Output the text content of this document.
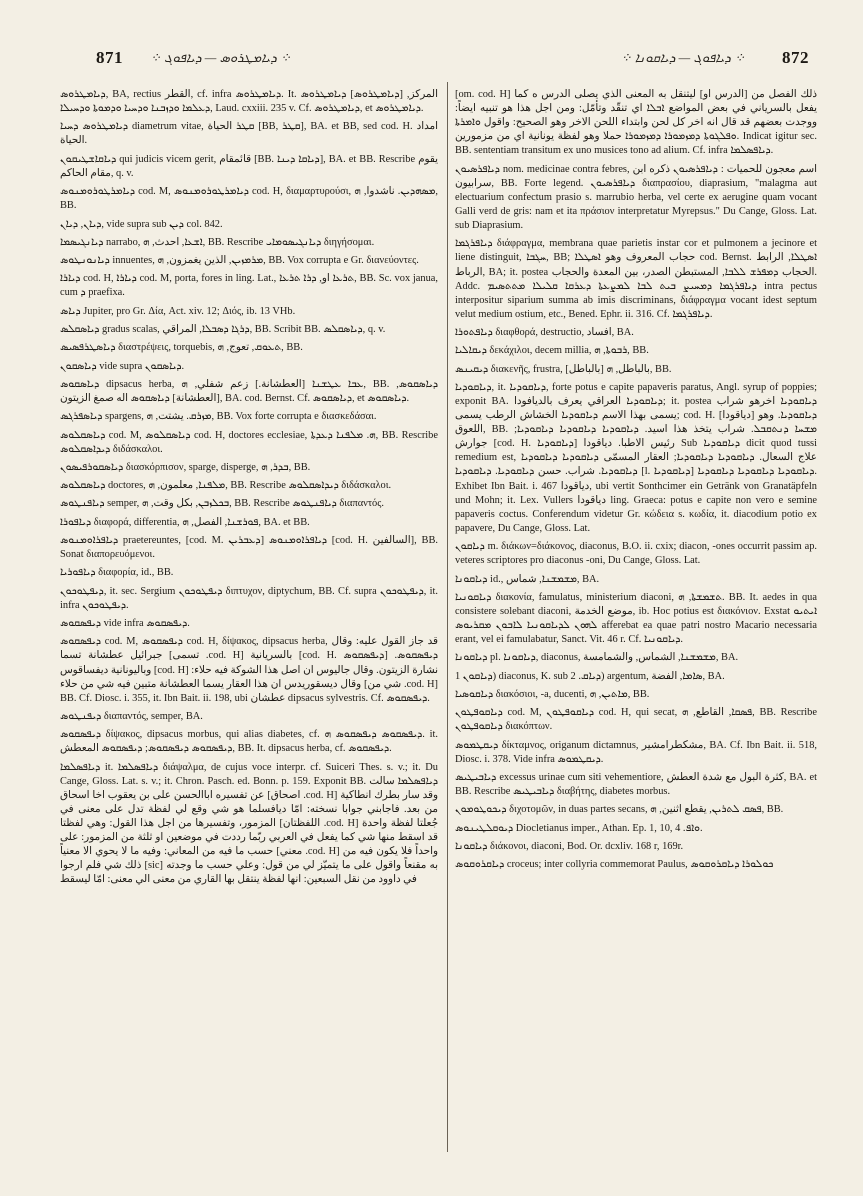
871 ⁘ ܕܝܐܡܛܪܘܣ — ܕܝܐܦܘܓ ⁘	⁘ ܕܝܐܦܘܓ — ܕܝܐܩܘܢܐ ⁘ 872

ܕܝܐܡܛܪܘܣ, BA, rectius القطر, cf. infra ܕܝܐܡܛܪܘܣ. It. المركز, [ܕܝܐܡܛܪܘܣ] ܕܝܐܡܛܪܘܣ ܕܥܠܡܐ ܘܕܙܒܢܐ ܘܕܚܝܐ ܘܕܡܘܬܐ ܘܕܚܝܠܐ, Laud. cxxiii. 235 v. Cf. ܕܝܐܡܛܪܘܣ, et ܕܝܐܡܛܪܘܣ.

ܕܝܐܡܛܪܘܣ ܕܚܝܐ diametrum vitae, ܩܛܪ الحياة [BB, ܩܛܪ], BA. et BB, sed cod. H. امداد الحياة.

ܕܝܐܩܐܫܛܝܩܘܢ qui judicis vicem gerit, قائمقام [BB. ܕܝܐܩܐ ܕܝܢܐ], BA. et BB. Rescribe يقوم مقام الحاكم, q. v.

ܕܝܐܡܪܛܘܪܘܡܢܘܣ cod. M, ܕܝܐܡܪܛܘܪܘܡܢܘܣ cod. H, διαμαρτυρούσι, ܡܣܗܕܝܢ. ناشدوا, ܗ, BB.

ܕܝܐܢ, ܕܝܐܢ, vide supra sub ܕܝܢ col. 842.

ܕܝܐܢܓܝܣܡܐ narrabo, ܐܫܥܐ, احدث, ܗ, BB. Rescribe ܕܝܐܢܓܝܣܘܡܐܝ διηγήσομαι.

ܕܝܐܢܘܢܛܘܣ innuentes, ܡܪܡܙܝܢ, الذين يغمزون, ܗ, BB. Vox corrupta e Gr. διανεύοντες.

ܕܝܐܪܐ cod. H, ܕܝܐܪܐ cod. M, porta, fores in ling. Lat., ܬܪܥܐ او, ܕܪܐ ܬܪܥܐ, BB. Sc. vox janua, cum ܕ praefixa.

ܕܝܐܣ Jupiter, pro Gr. Δία, Act. xiv. 12; Διός, ib. 13 VHb.

ܕܝܐܣܩܠܣ gradus scalas, ܕܪܓܐ ܕܣܒܠܐ, المراقي, BB. Scribit BB. ܕܝܐܣܩܠܣ, q. v.

ܕܝܐܣܛܪܦܣܝܣ διαστρέψεις, torquebis, ܬܥܘܩ, تعوج, ܗ, BB.

ܕܝܐܣܩܘܢ vide supra ܕܝܐܣܩܘܢ.

ܕܝܐܣܩܘܣ dipsacus herba, ܥܒܐ ܥܛܫܢܐ [العطشانة.] زعم شفلي, ܗ, BB. ܕܝܐܣܩܘܣ, [العطشانة] ܕܝܐܣܩܘܣ اله صمغ الزيتون, BA. cod. Bernst. Cf. ܕܝܐܣܩܘܣ, et ܕܝܐܣܩܘܣ.

ܕܝܐܣܦܪܓܣ spargens, ܡܙܪܩ. يشتت, ܗ, BB. Vox forte corrupta e διασκεδάσαι.

ܕܝܐܣܩܠܘܣ cod. M, ܕܝܐܣܩܠܘܣ cod. H, doctores ecclesiae, ܗ. ܡܠܦܢܐ ܕܥܕܬܐ, BB. Rescribe ܕܝܕܐܣܩܠܘܣ διδάσκαλοι.

ܕܝܐܣܩܘܪܦܝܣܘܢ διασκόρπισον, sparge, disperge, ܒܕܪ, ܗ, BB.

ܕܝܐܣܩܠܘܣ doctores, ܡܠܦܢܐ, معلمون, ܗ, BB. Rescribe ܕܝܕܐܣܩܠܘܣ διδάσκαλοι.

ܕܝܐܦܢܛܘܣ semper, ܒܟܠܙܒܢ, بكل وقت, ܗ, BB. Rescribe ܕܝܐܦܢܛܘܣ διαπαντός.

ܕܝܐܦܘܪܐ διαφορά, differentia, ܦܘܪܫܢܐ, الفصل, ܗ, BA. et BB.

ܕܝܐܦܪܐܘܡܢܘܣ praetereuntes, [cod. M. ܕܥܒܪܝܢ] ܕܝܐܦܪܐܘܡܢܘܣ [cod. H. السالفين], BB. Sonat διαπορευόμενοι.

ܕܝܐܦܘܪܝܐ διαφορία, id., BB.

ܕܝܦܛܘܟܘܢ, it. sec. Sergium ܕܝܦܛܘܟܘܢ διπτυχον, diptychum, BB. Cf. supra ܕܝܦܛܘܟܘܢ, it. infra ܕܝܦܛܘܟܘܢ.

ܕܝܦܣܩܘܣ vide infra ܕܝܦܣܩܘܣ.

ܕܝܦܣܩܘܣ cod. M, ܕܝܦܣܩܘܣ cod. H, δίψακος, dipsacus herba, قد جاز القول عليه: وقال جبرائيل عطشانة تسما [تسمى .cod. H] بالسريانية [cod. H. ܕܝܦܣܩܘܣ] ܕܝܦܣܩܘܣ. وباليونانية ديفساقوس [cod. H] نشارة الزيتون. وقال جاليوس ان اصل هذا الشوكة فيه حلاء: وقال ديسقوريدس ان هذا العقار يسما العطشانة متبين فيه شي من حلاء [شي من .cod. H] BB. Cf. Diosc. i. 355, it. Ibn Bait. ii. 198, ubi عطشان dipsacus sylvestris. Cf. ܕܝܦܣܩܘܣ.

ܕܝܦܢܛܘܣ διαπαντός, semper, BA.

ܕܝܦܣܩܘܣ δίψακος, dipsacus morbus, qui alias diabetes, cf. ܕܝܦܣܩܘܣ ܕܝܦܣܩܘܣ ܗ. it. ܕܝܦܣܩܘܣ ܕܝܦܣܩܘܣ; ܕܝܦܣܩܘܣ المعطش, BB. It. dipsacus herba, cf. ܕܝܦܣܩܘܣ.

ܕܝܐܦܣܠܡܐ it. ܕܝܐܦܣܠܡܐ διάψαλμα, de cujus voce interpr. cf. Suiceri Thes. s. v.; it. Du Cange, Gloss. Lat. s. v.; it. Chron. Pasch. ed. Bonn. p. 159. Exponit BB. ܕܝܐܦܣܠܡܐ سالت عن تفسيره اباالحسن على بن يعقوب اخا اسحاق [اصحاق .cod. H] وقد سار بطرك انطاكية من بعد. فاجابني جوابا نسخته: امّا ديافسلما هو شي وقع لي لفظة تدل على معنى في المزمور، وتفسيرها من اجل هذا القول: وهي لفظتا [اللفظتان .cod. H] جُعلتا لفظة واحدة قد اسقط منها شي كما يفعل في العربي ربّما رددت في موضعين او ثلثة من المزمور: على حسب ما فيه من المعاني: وفيه ما لا يحوي الا معنياً [معني .cod. H] واحداً فلا يكون فيه من ذلك شي فلم ارجوا [sic] به مقنعاً واقول على ما يتميّز لي من قول: وعلي حسب ما وجدته في داوود من نقل السبعين: انها لفظة ينتقل بها القاري من معنى الي معنى: امّا ليسقط

[om. cod. H] ذلك الفصل من [الدرس او] ليتنقل به المعنى الذي يصلى الدرس ه كما يفعل بالسرياني في بعض المواضع ܐܒܠܐ اي تنقّد وتأمّل: ومن اجل هذا هو تنبيه ايضاً: ووجدت بعضهم قد قال انه اخر كل لحن وابتداء اللحن الاخر وهو الصحيح: واقول ܘܐܡܪܬܐ ܘܦܠܓܘܬܐ ܕܡܙܡܘܪܐ ܕܡܙܡܘܪܐ حملا وهو لفظة يونانية اي من مزمورين. Indicat igitur sec. BB. sententiam transitum ex uno musices tono ad alium. Cf. infra ܕܝܐܦܣܠܡܐ.

ܕܝܐܦܪܣܝܘܢ nom. medicinae contra febres, اسم معجون للحميات : ܕܝܐܦܪܣܝܘܢ ذكره ابن سرابيون, BB. Forte legend. ܕܝܐܦܪܣܝܘܢ διαπρασίου, diaprasium, "malagma aut electuarium confectum prasio s. marrubio herba, vel certe ex aerugine quam vocant Galli verd de gris: nam et ita πράσιον interpretatur Myrepsus." Du Cange, Gloss. Lat. sub Diaprasium.

ܕܝܐܦܪܓܡܐ διάφραγμα, membrana quae parietis instar cor et pulmonem a jecinore et liene distinguit, ܚܓܒܐ, BB; حجاب المعروف وهو ܐܣܛܠܐ cod. Bernst. ܐܣܛܠܐ, الرابط الرباط, BA; it. postea الحجاب ܕܡܦܪܫ ܠܠܒܐ, المستبطن الصدر، بين المعدة والحجاب. Addc. ܕܝܐܦܪܓܡܐ ܕܡܚܝܨ ܒܝܬ ܠܒܐ ܠܡܨܥܬܐ ܕܥܪܩܐ ܩܠܝܠܐ ܡܬܬܣܝܡ intra pectus interpositur siparium summa ab imis discriminans, διάφραγμα vocant idest septum velut medium ostium, etc., Bened. Ephr. ii. 316. Cf. ܕܝܐܦܪܓܡܐ.

ܕܝܐܦܬܘܪܐ διαφθορά, destructio, افساد, BA.

ܕܝܩܐܠܝܐ δεκάχιλοι, decem millia, ܪܒܘܬܐ, ܗ, BB.

ܕܝܩܝܢܣ διακενῆς, frustra, [بالباطل] بالباطل, ܗ, BB.

ܕܝܐܩܘܕܝܐ, it. ܕܝܐܩܘܕܝܐ, forte potus e capite papaveris paratus, Angl. syrup of poppies; exponit BA. ܕܝܐܩܘܕܝܐ العراقي يعرف بالديافودا; it. postea ܕܝܐܩܘܕܝܐ اخرهو شراب يسمى بهذا الاسم ܕܝܐܩܘܕܝܐ الخشاش الرطب يسمى; cod. H. [دياقودا] ܕܝܐܩܘܕܝܐ. وهو اللعوق, BB. ܡܫܚܐ ܕܢܬܩܒܠ. شراب يتخذ هذا اسيد. ܕܝܐܩܘܕܝܐ ܕܝܐܩܘܕܝܐ ܕܝܐܩܘܕܝܐ; جوارش [cod. H. ܕܝܐܩܘܕܝܐ] رئيس الاطبا. دياقودا Sub ܕܝܐܩܘܕܝܐ dicit quod tussi remedium est, علاج السعال. ܕܝܐܩܘܕܝܐ ܕܝܐܩܘܕܝܐ; العقار المسمّى ܕܝܐܩܘܕܝܐ ܕܝܐܩܘܕܝܐ ܕܝܐܩܘܕܝܐ. شراب. حسن ܕܝܐܩܘܕܝܐ. ܕܝܐܩܘܕܝܐ [l. ܕܝܐܩܘܕܝܐ] ܕܝܐܩܘܕܝܐ ܕܝܐܩܘܕܝܐ ܕܝܐܩܘܕܝܐ. Exhibet Ibn Bait. i. 467 دياقودا, ubi vertit Sonthcimer ein Getränk von Granatäpfeln und Mohn; it. Lex. Vullers دياقودا ling. Graeca: potus e capite non vero e semine papaveris coctus. Conferendum videtur Gr. κώδεια s. κωδία, it. diacodium potio ex papavere, Du Cange, Gloss. Lat.

ܕܝܐܩܘܢ m. διάκων=διάκονος, diaconus, B.O. ii. cxix; diacon, -ones occurrit passim ap. veteres scriptores pro diaconus -oni, Du Cange, Gloss. Lat.

ܕܝܐܩܘܢܐ id., ܡܫܡܫܢܐ, شماس, BA.

ܕܝܐܩܘܢܝܐ διακονία, famulatus, ministerium diaconi, ܬܫܡܫܬܐ, ܗ. BB. It. aedes in qua consistere solebant diaconi, موضع الخدمة, ib. Hoc potius est διακόνιον. Exstat ܐܝܬܝܘ ܠܗܘܢ ܠܕܝܐܩܘܢܝܐ ܠܐܒܘܢ ܡܩܪܝܘܣ afferebat ea quae patri nostro Macario necessaria erant, vel ei famulabatur, Sanct. Vit. 46 r. Cf. ܕܝܐܩܘܢܝܐ.

ܕܝܐܩܘܢܐ pl. ܕܝܐܩܘܢܐ, diaconus, ܡܫܡܫܢܐ, الشماس, والشمامسة, BA.

ܕܝܐܩܘܢ 1) diaconus, K. sub ܕܝܐܩ. 2) argentum, ܣܐܡܐ, الفضة, BA.

ܕܝܐܩܘܣܝܐ διακόσιοι, -a, ducenti, ܡܐܬܝܢ, ܗ, BB.

ܕܝܐܩܘܦܛܘܢ cod. M, ܕܝܐܩܘܦܛܘܢ cod. H, qui secat, ܦܣܩܐ, القاطع, ܗ, BB. Rescribe ܕܝܐܩܘܦܛܘܢ διακόπτων.

ܕܝܩܛܡܘܣ δίκταμνος, origanum dictamnus, مشكطرامشير, BA. Cf. Ibn Bait. ii. 518, Diosc. i. 378. Vide infra ܕܝܩܛܡܘܣ.

ܕܝܐܒܝܛܝܣ excessus urinae cum siti vehementiore, كثرة البول مع شدة العطش, BA. et BB. Rescribe ܕܝܐܒܝܛܝܣ διαβήτης, diabetes morbus.

ܕܝܟܘܛܘܡܘܢ διχοτομῶν, in duas partes secans, ܦܣܩ ܠܬܪܝܢ, يقطع اثنين, ܗ, BB.

ܕܝܘܩܠܛܝܢܘܣ Diocletianus imper., Athan. Ep. 1, 10, ܘܐܦ. 4.

ܕܝܐܩܘܢܐ διάκονοι, diaconi, Bod. Or. dcxliv. 168 r, 169r.

ܕܝܐܩܪܘܩܘܣ croceus; inter collyria commemorat Paulus, ܟܘܠܘܪܐ ܕܝܐܩܪܘܩܘܣ
